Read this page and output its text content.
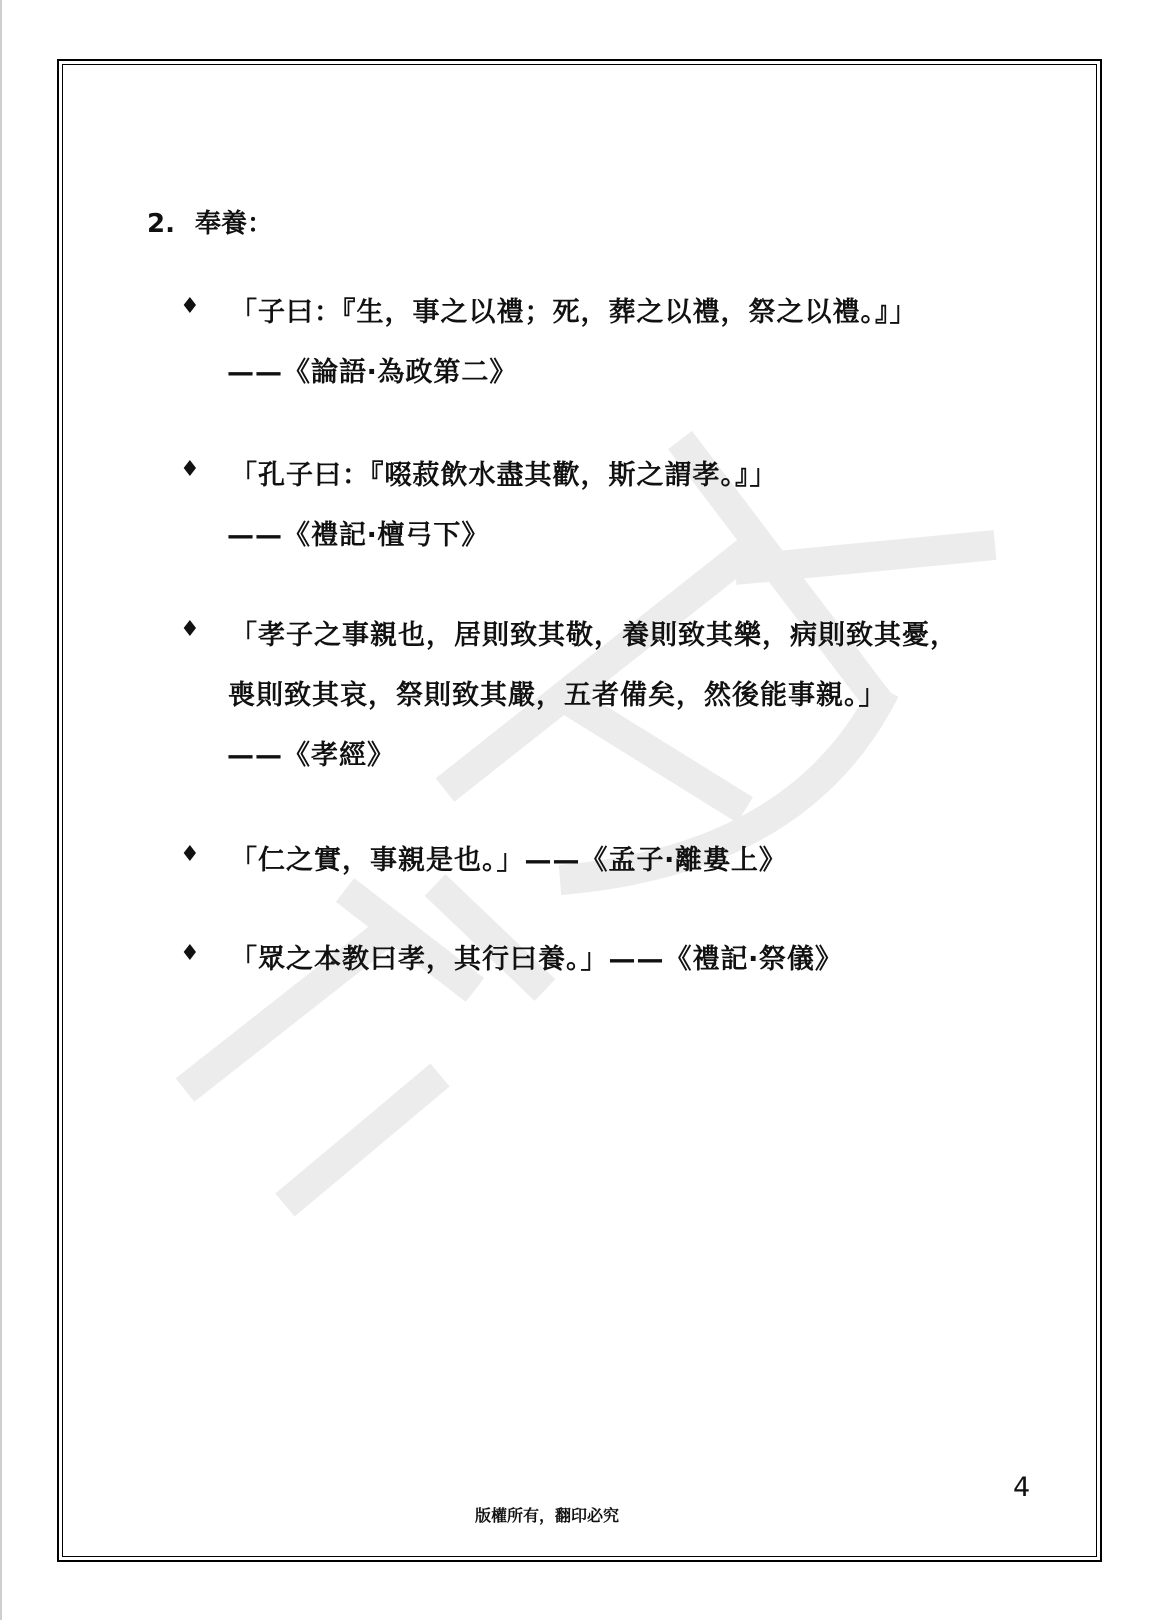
2. 奉養：
♦ 「子曰：『生，事之以禮；死，葬之以禮，祭之以禮。』」
——《論語‧為政第二》
♦ 「孔子曰：『啜菽飲水盡其歡，斯之謂孝。』」
——《禮記‧檀弓下》
♦ 「孝子之事親也，居則致其敬，養則致其樂，病則致其憂，
喪則致其哀，祭則致其嚴，五者備矣，然後能事親。」
——《孝經》
♦ 「仁之實，事親是也。」——《孟子‧離婁上》
♦ 「眾之本教曰孝，其行曰養。」——《禮記‧祭儀》
4
版權所有，翻印必究
